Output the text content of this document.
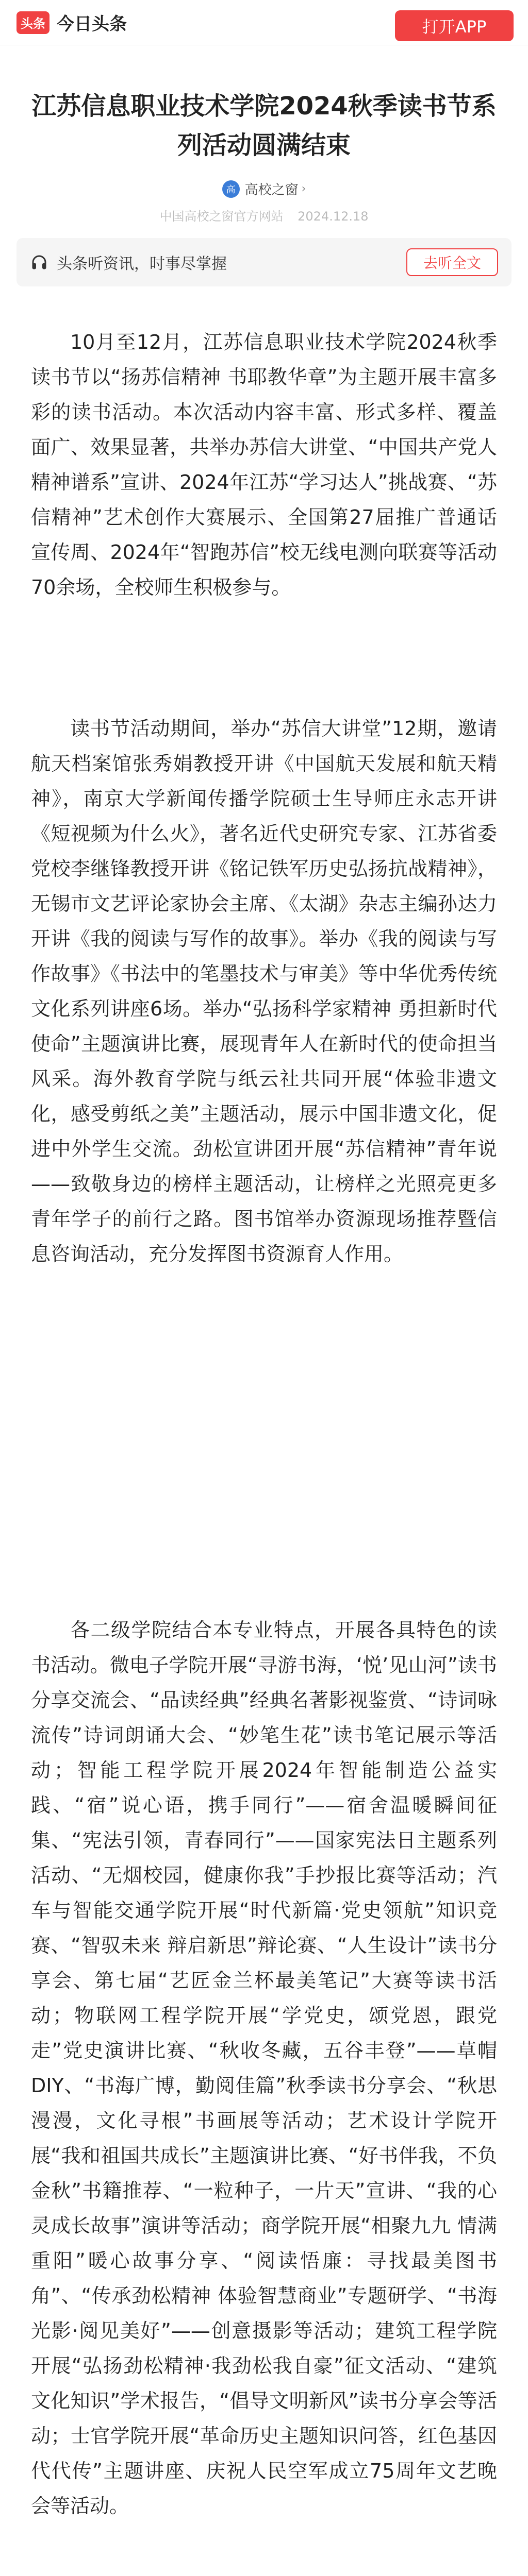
头条 今日头条	打开APP
江苏信息职业技术学院2024秋季读书节系列活动圆满结束
高 高校之窗 ›
中国高校之窗官方网站 2024.12.18
头条听资讯，时事尽掌握	去听全文

10月至12月，江苏信息职业技术学院2024秋季读书节以“扬苏信精神 书耶教华章”为主题开展丰富多彩的读书活动。本次活动内容丰富、形式多样、覆盖面广、效果显著，共举办苏信大讲堂、“中国共产党人精神谱系”宣讲、2024年江苏“学习达人”挑战赛、“苏信精神”艺术创作大赛展示、全国第27届推广普通话宣传周、2024年“智跑苏信”校无线电测向联赛等活动70余场，全校师生积极参与。

读书节活动期间，举办“苏信大讲堂”12期，邀请航天档案馆张秀娟教授开讲《中国航天发展和航天精神》，南京大学新闻传播学院硕士生导师庄永志开讲《短视频为什么火》，著名近代史研究专家、江苏省委党校李继锋教授开讲《铭记铁军历史弘扬抗战精神》，无锡市文艺评论家协会主席、《太湖》杂志主编孙达力开讲《我的阅读与写作的故事》。举办《我的阅读与写作故事》《书法中的笔墨技术与审美》等中华优秀传统文化系列讲座6场。举办“弘扬科学家精神 勇担新时代使命”主题演讲比赛，展现青年人在新时代的使命担当风采。海外教育学院与纸云社共同开展“体验非遗文化，感受剪纸之美”主题活动，展示中国非遗文化，促进中外学生交流。劲松宣讲团开展“苏信精神”青年说——致敬身边的榜样主题活动，让榜样之光照亮更多青年学子的前行之路。图书馆举办资源现场推荐暨信息咨询活动，充分发挥图书资源育人作用。

各二级学院结合本专业特点，开展各具特色的读书活动。微电子学院开展“寻游书海，‘悦’见山河”读书分享交流会、“品读经典”经典名著影视鉴赏、“诗词咏流传”诗词朗诵大会、“妙笔生花”读书笔记展示等活动；智能工程学院开展2024年智能制造公益实践、“宿”说心语，携手同行”——宿舍温暖瞬间征集、“宪法引领，青春同行”——国家宪法日主题系列活动、“无烟校园，健康你我”手抄报比赛等活动；汽车与智能交通学院开展“时代新篇·党史领航”知识竞赛、“智驭未来 辩启新思”辩论赛、“人生设计”读书分享会、第七届“艺匠金兰杯最美笔记”大赛等读书活动；物联网工程学院开展“学党史，颂党恩，跟党走”党史演讲比赛、“秋收冬藏，五谷丰登”——草帽DIY、“书海广博，勤阅佳篇”秋季读书分享会、“秋思漫漫，文化寻根”书画展等活动；艺术设计学院开展“我和祖国共成长”主题演讲比赛、“好书伴我，不负金秋”书籍推荐、“一粒种子，一片天”宣讲、“我的心灵成长故事”演讲等活动；商学院开展“相聚九九 情满重阳”暖心故事分享、“阅读悟廉：寻找最美图书角”、“传承劲松精神 体验智慧商业”专题研学、“书海光影·阅见美好”——创意摄影等活动；建筑工程学院开展“弘扬劲松精神·我劲松我自豪”征文活动、“建筑文化知识”学术报告，“倡导文明新风”读书分享会等活动；士官学院开展“革命历史主题知识问答，红色基因代代传”主题讲座、庆祝人民空军成立75周年文艺晚会等活动。
